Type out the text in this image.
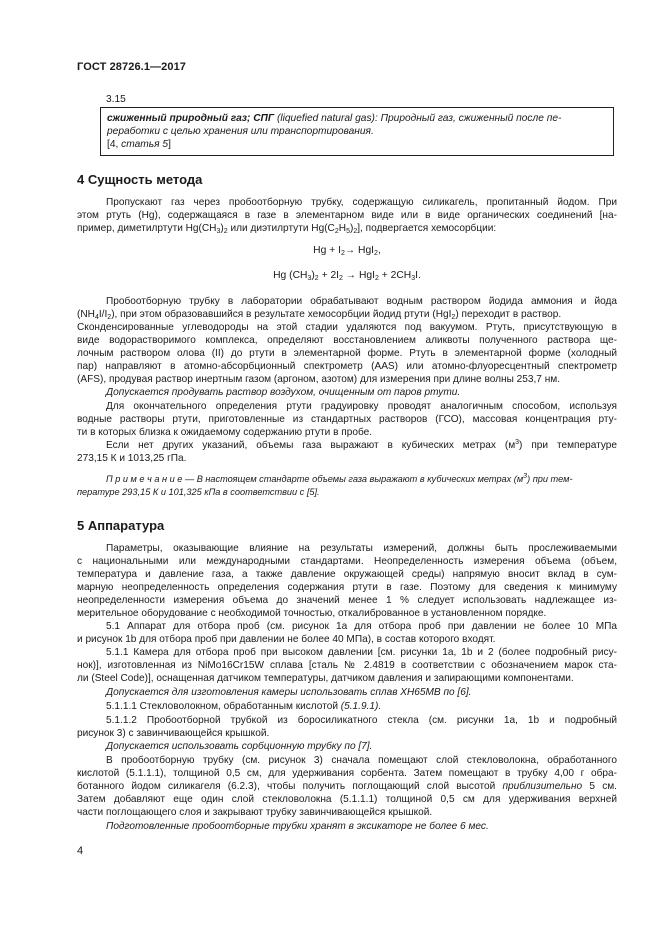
ГОСТ 28726.1—2017
3.15
сжиженный природный газ; СПГ (liquefied natural gas): Природный газ, сжиженный после пе-
реработки с целью хранения или транспортирования.
[4, статья 5]
4 Сущность метода
Пропускают газ через пробоотборную трубку, содержащую силикагель, пропитанный йодом. При
этом ртуть (Hg), содержащаяся в газе в элементарном виде или в виде органических соединений [на-
пример, диметилртути $Hg(CH_3)_2$ или диэтилртути $Hg(C_2H_5)_2$], подвергается хемосорбции:
$Hg + I_2\to HgI_2$,
Hg $(CH_3)_2 + 2I_2 \to HgI_2 + 2CH_3I$.
Пробоотборную трубку в лаборатории обрабатывают водным раствором йодида аммония и йода
$(NH_4I/I_2)$, при этом образовавшийся в результате хемосорбции йодид ртути (HgI$_2$) переходит в раствор.
Сконденсированные углеводороды на этой стадии удаляются под вакуумом. Ртуть, присутствующую в
виде водорастворимого комплекса, определяют восстановлением аликвоты полученного раствора ще-
лочным раствором олова (II) до ртути в элементарной форме. Ртуть в элементарной форме (холодный
пар) направляют в атомно-абсорбционный спектрометр (AAS) или атомно-флуоресцентный спектрометр
(AFS), продувая раствор инертным газом (аргоном, азотом) для измерения при длине волны 253,7 нм.
Допускается продувать раствор воздухом, очищенным от паров ртути.
Для окончательного определения ртути градуировку проводят аналогичным способом, используя
водные растворы ртути, приготовленные из стандартных растворов (ГСО), массовая концентрация рту-
ти в которых близка к ожидаемому содержанию ртути в пробе.
Если нет других указаний, объемы газа выражают в кубических метрах $(м^3)$ при температуре
273,15 К и 1013,25 гПа.
П р и м е ч а н и е — В настоящем стандарте объемы газа выражают в кубических метрах $(м^3)$ при тем-
пературе 293,15 К и 101,325 кПа в соответствии с [5].
5 Аппаратура
Параметры, оказывающие влияние на результаты измерений, должны быть прослеживаемыми
с национальными или международными стандартами. Неопределенность измерения объема (объем,
температура и давление газа, а также давление окружающей среды) напрямую вносит вклад в сум-
марную неопределенность определения содержания ртути в газе. Поэтому для сведения к минимуму
неопределенности измерения объема до значений менее 1 % следует использовать надлежащее из-
мерительное оборудование с необходимой точностью, откалиброванное в установленном порядке.
5.1 Аппарат для отбора проб (см. рисунок 1a для отбора проб при давлении не более 10 МПа
и рисунок 1b для отбора проб при давлении не более 40 МПа), в состав которого входят.
5.1.1 Камера для отбора проб при высоком давлении [см. рисунки 1a, 1b и 2 (более подробный рису-
нок)], изготовленная из NiMo16Cr15W сплава [сталь № 2.4819 в соответствии с обозначением марок ста-
ли (Steel Code)], оснащенная датчиком температуры, датчиком давления и запирающими компонентами.
Допускается для изготовления камеры использовать сплав ХН65МВ по [6].
5.1.1.1 Стекловолокном, обработанным кислотой (5.1.9.1).
5.1.1.2 Пробоотборной трубкой из боросиликатного стекла (см. рисунки 1a, 1b и подробный
рисунок 3) с завинчивающейся крышкой.
Допускается использовать сорбционную трубку по [7].
В пробоотборную трубку (см. рисунок 3) сначала помещают слой стекловолокна, обработанного
кислотой (5.1.1.1), толщиной 0,5 см, для удерживания сорбента. Затем помещают в трубку 4,00 г обра-
ботанного йодом силикагеля (6.2.3), чтобы получить поглощающий слой высотой приблизительно 5 см.
Затем добавляют еще один слой стекловолокна (5.1.1.1) толщиной 0,5 см для удерживания верхней
части поглощающего слоя и закрывают трубку завинчивающейся крышкой.
Подготовленные пробоотборные трубки хранят в эксикаторе не более 6 мес.
4
